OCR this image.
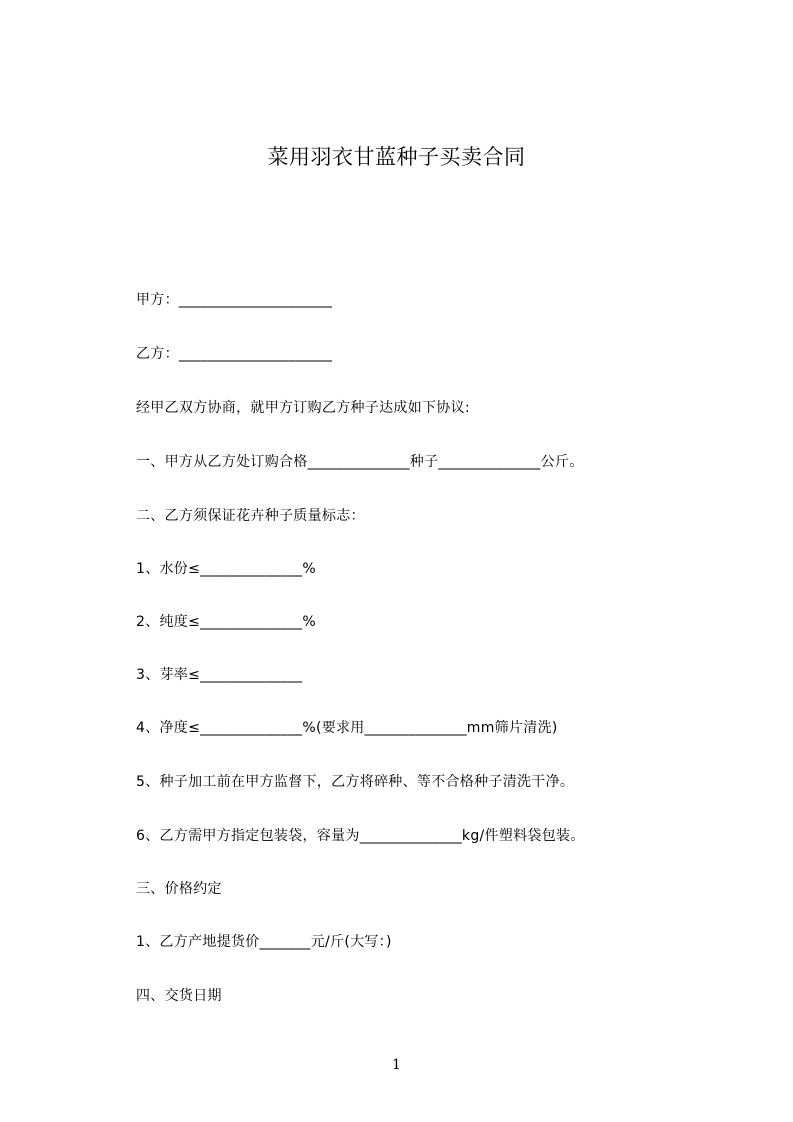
菜用羽衣甘蓝种子买卖合同
甲方：_____________________
乙方：_____________________
经甲乙双方协商，就甲方订购乙方种子达成如下协议:
一、甲方从乙方处订购合格______________种子______________公斤。
二、乙方须保证花卉种子质量标志：
1、水份≤______________%
2、纯度≤______________%
3、芽率≤______________
4、净度≤______________%(要求用______________mm筛片清洗)
5、种子加工前在甲方监督下，乙方将碎种、等不合格种子清洗干净。
6、乙方需甲方指定包装袋，容量为______________kg/件塑料袋包装。
三、价格约定
1、乙方产地提货价_______元/斤(大写：)
四、交货日期
1
